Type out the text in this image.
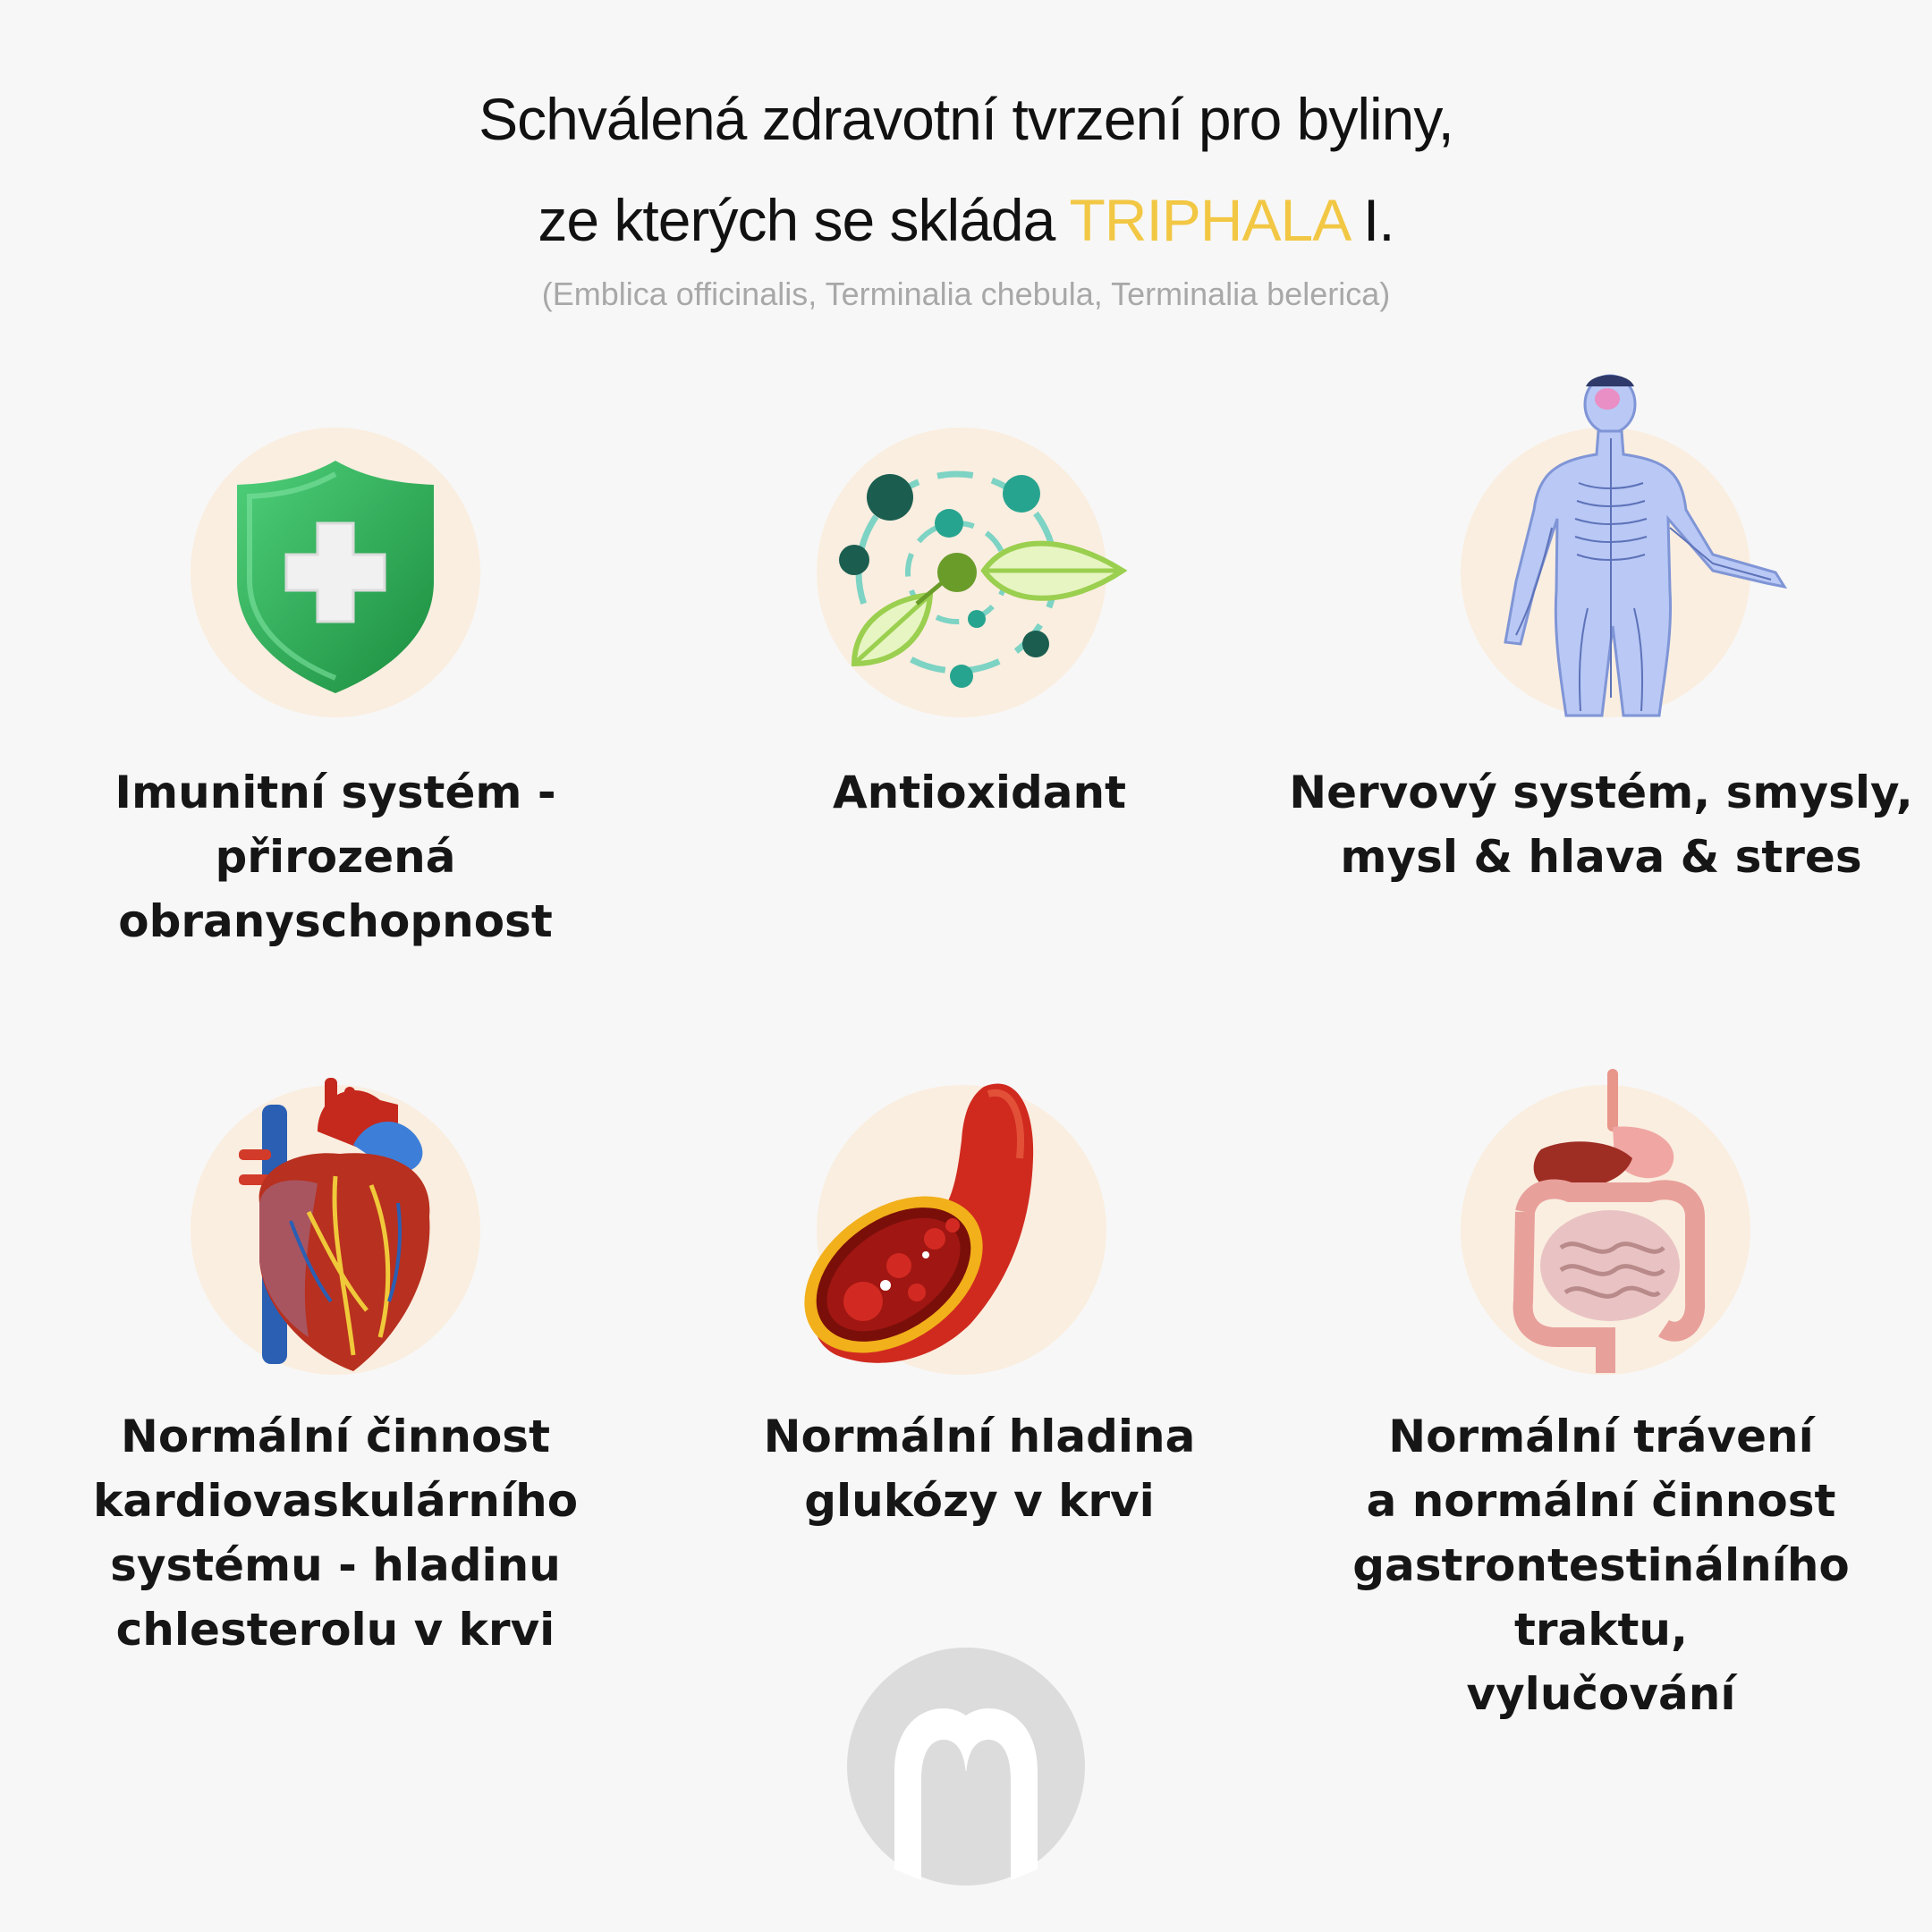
Schválená zdravotní tvrzení pro byliny,
ze kterých se skláda TRIPHALA I.
(Emblica officinalis, Terminalia chebula, Terminalia belerica)
Imunitní systém -
přirozená
obranyschopnost
Antioxidant	Nervový systém, smysly,
mysl & hlava & stres
Normální činnost
kardiovaskulárního
systému - hladinu
chlesterolu v krvi
Normální hladina
glukózy v krvi
Normální trávení
a normální činnost
gastrontestinálního traktu,
vylučování
